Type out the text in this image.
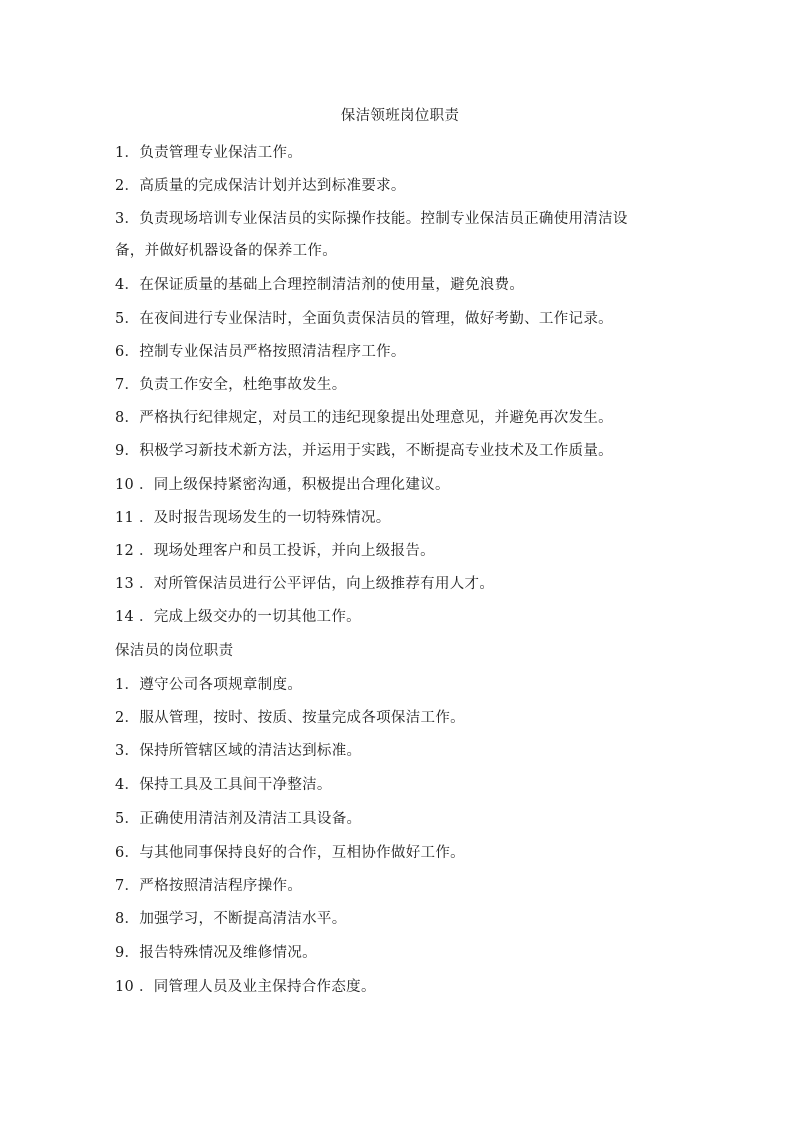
保洁领班岗位职责
1．负责管理专业保洁工作。
2．高质量的完成保洁计划并达到标准要求。
3．负责现场培训专业保洁员的实际操作技能。控制专业保洁员正确使用清洁设
备，并做好机器设备的保养工作。
4．在保证质量的基础上合理控制清洁剂的使用量，避免浪费。
5．在夜间进行专业保洁时，全面负责保洁员的管理，做好考勤、工作记录。
6．控制专业保洁员严格按照清洁程序工作。
7．负责工作安全，杜绝事故发生。
8．严格执行纪律规定，对员工的违纪现象提出处理意见，并避免再次发生。
9．积极学习新技术新方法，并运用于实践，不断提高专业技术及工作质量。
10 ．同上级保持紧密沟通，积极提出合理化建议。
11 ．及时报告现场发生的一切特殊情况。
12 ．现场处理客户和员工投诉，并向上级报告。
13 ．对所管保洁员进行公平评估，向上级推荐有用人才。
14 ．完成上级交办的一切其他工作。
保洁员的岗位职责
1．遵守公司各项规章制度。
2．服从管理，按时、按质、按量完成各项保洁工作。
3．保持所管辖区域的清洁达到标准。
4．保持工具及工具间干净整洁。
5．正确使用清洁剂及清洁工具设备。
6．与其他同事保持良好的合作，互相协作做好工作。
7．严格按照清洁程序操作。
8．加强学习，不断提高清洁水平。
9．报告特殊情况及维修情况。
10 ．同管理人员及业主保持合作态度。
